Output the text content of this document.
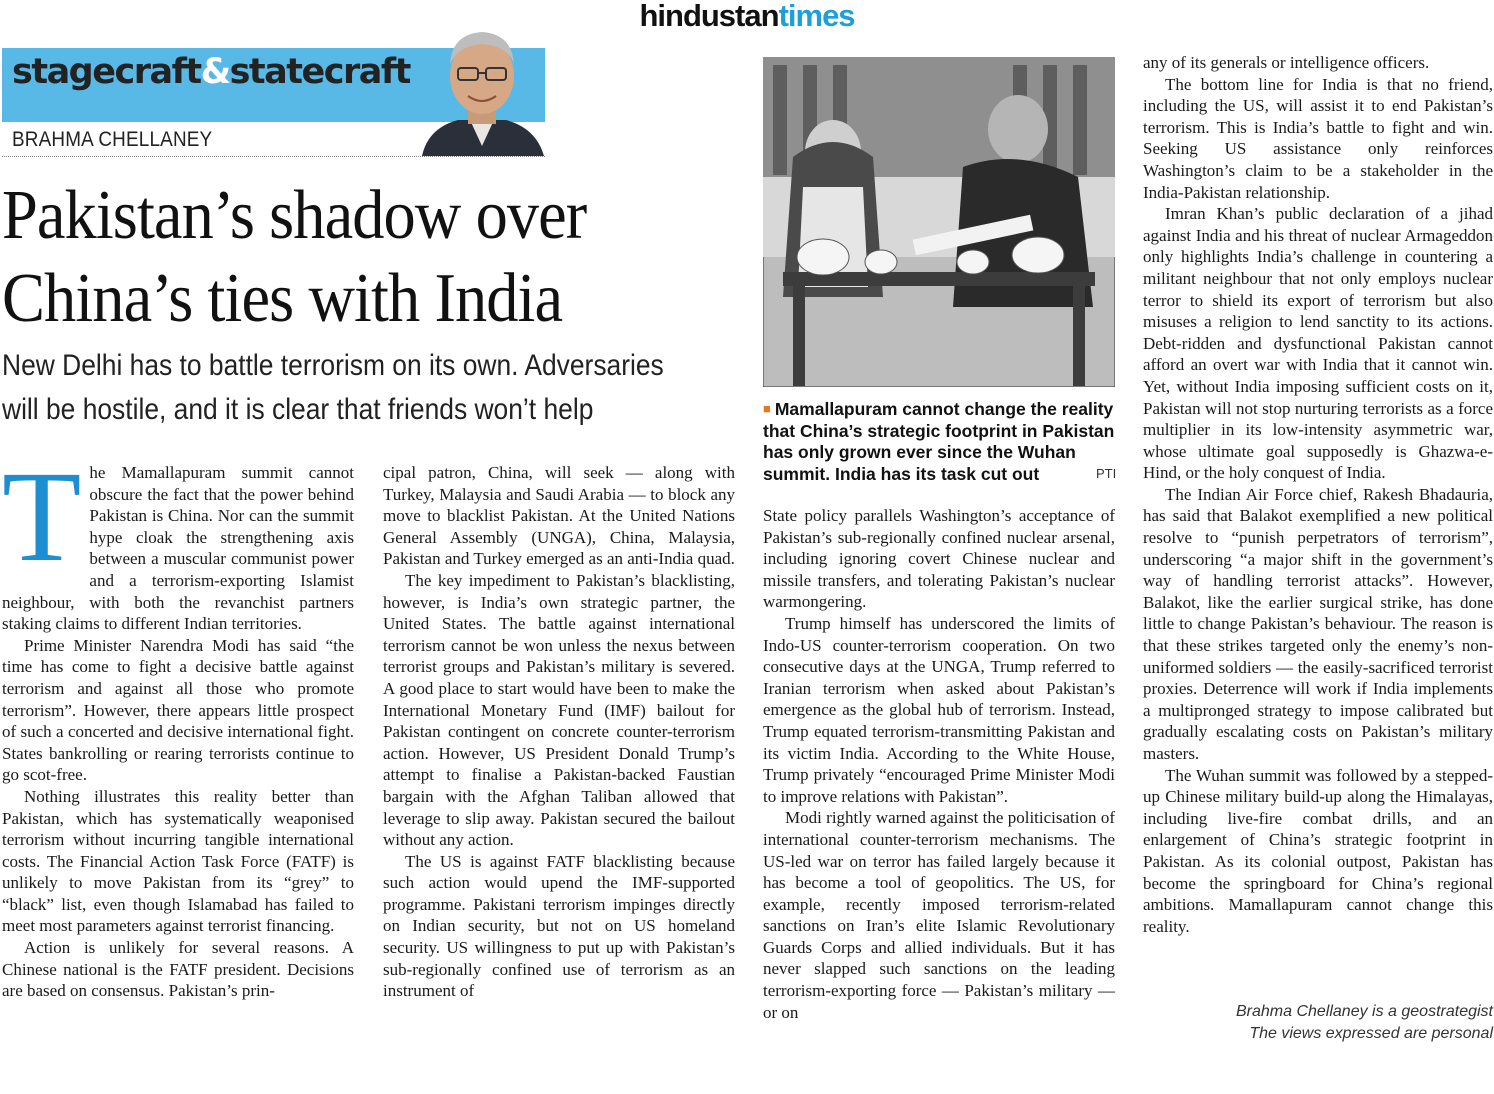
hindustantimes
stagecraft&statecraft
BRAHMA CHELLANEY
Pakistan’s shadow over
China’s ties with India
New Delhi has to battle terrorism on its own. Adversaries
will be hostile, and it is clear that friends won’t help
T he Mamallapuram summit cannot obscure the fact that the power behind Pakistan is China. Nor can the summit hype cloak the strengthening axis between a muscular communist power and a terrorism-exporting Islamist neighbour, with both the revanchist partners staking claims to different Indian territories.

Prime Minister Narendra Modi has said “the time has come to fight a decisive battle against terrorism and against all those who promote terrorism”. However, there appears little prospect of such a concerted and decisive international fight. States bankrolling or rearing terrorists continue to go scot-free.

Nothing illustrates this reality better than Pakistan, which has systematically weaponised terrorism without incurring tangible international costs. The Financial Action Task Force (FATF) is unlikely to move Pakistan from its “grey” to “black” list, even though Islamabad has failed to meet most parameters against terrorist financing.

Action is unlikely for several reasons. A Chinese national is the FATF president. Decisions are based on consensus. Pakistan’s prin-

cipal patron, China, will seek — along with Turkey, Malaysia and Saudi Arabia — to block any move to blacklist Pakistan. At the United Nations General Assembly (UNGA), China, Malaysia, Pakistan and Turkey emerged as an anti-India quad.

The key impediment to Pakistan’s blacklisting, however, is India’s own strategic partner, the United States. The battle against international terrorism cannot be won unless the nexus between terrorist groups and Pakistan’s military is severed. A good place to start would have been to make the International Monetary Fund (IMF) bailout for Pakistan contingent on concrete counter-terrorism action. However, US President Donald Trump’s attempt to finalise a Pakistan-backed Faustian bargain with the Afghan Taliban allowed that leverage to slip away. Pakistan secured the bailout without any action.

The US is against FATF blacklisting because such action would upend the IMF-supported programme. Pakistani terrorism impinges directly on Indian security, but not on US homeland security. US willingness to put up with Pakistan’s sub-regionally confined use of terrorism as an instrument of

■ Mamallapuram cannot change the reality that China’s strategic footprint in Pakistan has only grown ever since the Wuhan summit. India has its task cut out	PTI

State policy parallels Washington’s acceptance of Pakistan’s sub-regionally confined nuclear arsenal, including ignoring covert Chinese nuclear and missile transfers, and tolerating Pakistan’s nuclear warmongering.

Trump himself has underscored the limits of Indo-US counter-terrorism cooperation. On two consecutive days at the UNGA, Trump referred to Iranian terrorism when asked about Pakistan’s emergence as the global hub of terrorism. Instead, Trump equated terrorism-transmitting Pakistan and its victim India. According to the White House, Trump privately “encouraged Prime Minister Modi to improve relations with Pakistan”.

Modi rightly warned against the politicisation of international counter-terrorism mechanisms. The US-led war on terror has failed largely because it has become a tool of geopolitics. The US, for example, recently imposed terrorism-related sanctions on Iran’s elite Islamic Revolutionary Guards Corps and allied individuals. But it has never slapped such sanctions on the leading terrorism-exporting force — Pakistan’s military — or on

any of its generals or intelligence officers.

The bottom line for India is that no friend, including the US, will assist it to end Pakistan’s terrorism. This is India’s battle to fight and win. Seeking US assistance only reinforces Washington’s claim to be a stakeholder in the India-Pakistan relationship.

Imran Khan’s public declaration of a jihad against India and his threat of nuclear Armageddon only highlights India’s challenge in countering a militant neighbour that not only employs nuclear terror to shield its export of terrorism but also misuses a religion to lend sanctity to its actions. Debt-ridden and dysfunctional Pakistan cannot afford an overt war with India that it cannot win. Yet, without India imposing sufficient costs on it, Pakistan will not stop nurturing terrorists as a force multiplier in its low-intensity asymmetric war, whose ultimate goal supposedly is Ghazwa-e-Hind, or the holy conquest of India.

The Indian Air Force chief, Rakesh Bhadauria, has said that Balakot exemplified a new political resolve to “punish perpetrators of terrorism”, underscoring “a major shift in the government’s way of handling terrorist attacks”. However, Balakot, like the earlier surgical strike, has done little to change Pakistan’s behaviour. The reason is that these strikes targeted only the enemy’s non-uniformed soldiers — the easily-sacrificed terrorist proxies. Deterrence will work if India implements a multipronged strategy to impose calibrated but gradually escalating costs on Pakistan’s military masters.

The Wuhan summit was followed by a stepped-up Chinese military build-up along the Himalayas, including live-fire combat drills, and an enlargement of China’s strategic footprint in Pakistan. As its colonial outpost, Pakistan has become the springboard for China’s regional ambitions. Mamallapuram cannot change this reality.

Brahma Chellaney is a geostrategist
The views expressed are personal
